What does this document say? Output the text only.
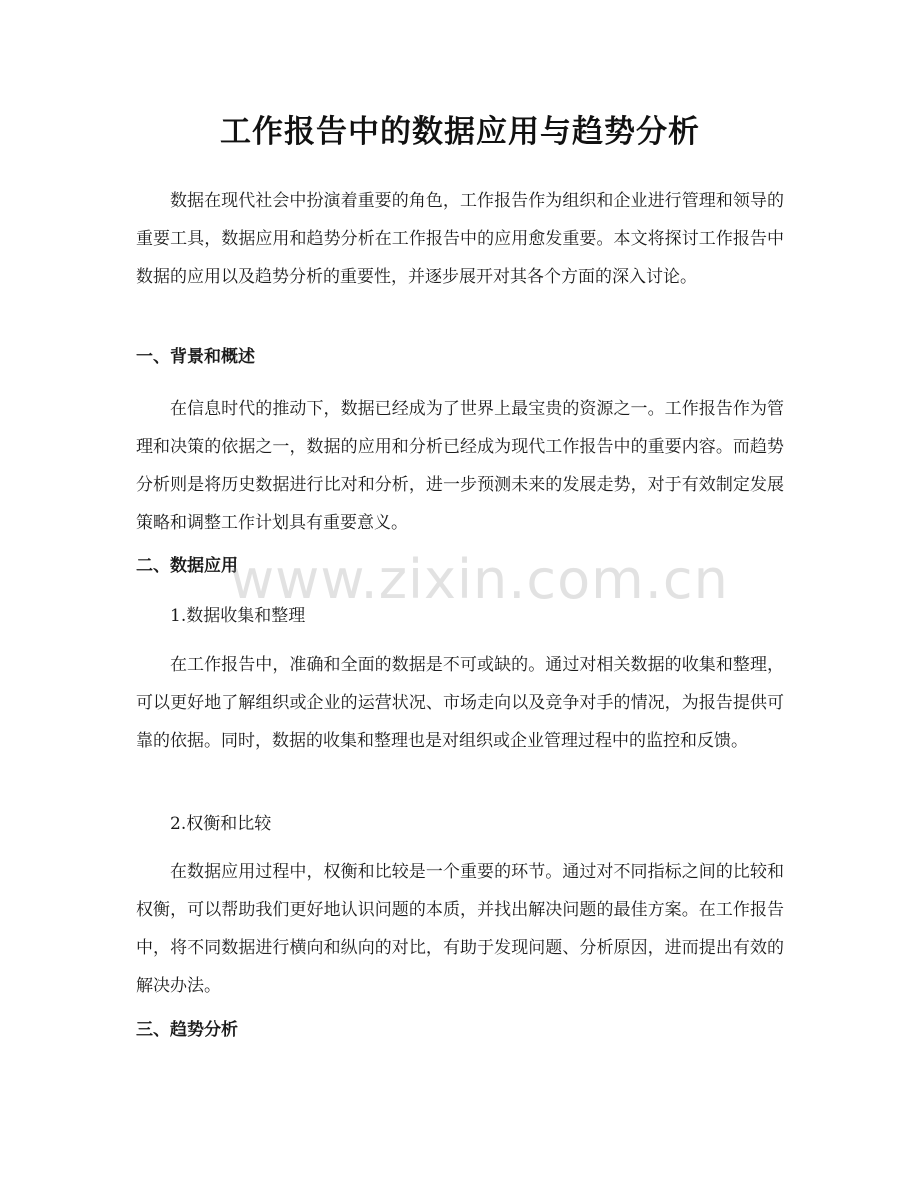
工作报告中的数据应用与趋势分析

数据在现代社会中扮演着重要的角色，工作报告作为组织和企业进行管理和领导的重要工具，数据应用和趋势分析在工作报告中的应用愈发重要。本文将探讨工作报告中数据的应用以及趋势分析的重要性，并逐步展开对其各个方面的深入讨论。

一、背景和概述

在信息时代的推动下，数据已经成为了世界上最宝贵的资源之一。工作报告作为管理和决策的依据之一，数据的应用和分析已经成为现代工作报告中的重要内容。而趋势分析则是将历史数据进行比对和分析，进一步预测未来的发展走势，对于有效制定发展策略和调整工作计划具有重要意义。

二、数据应用
1.数据收集和整理

在工作报告中，准确和全面的数据是不可或缺的。通过对相关数据的收集和整理，可以更好地了解组织或企业的运营状况、市场走向以及竞争对手的情况，为报告提供可靠的依据。同时，数据的收集和整理也是对组织或企业管理过程中的监控和反馈。

2.权衡和比较

在数据应用过程中，权衡和比较是一个重要的环节。通过对不同指标之间的比较和权衡，可以帮助我们更好地认识问题的本质，并找出解决问题的最佳方案。在工作报告中，将不同数据进行横向和纵向的对比，有助于发现问题、分析原因，进而提出有效的解决办法。

三、趋势分析
www.zixin.com.cn
